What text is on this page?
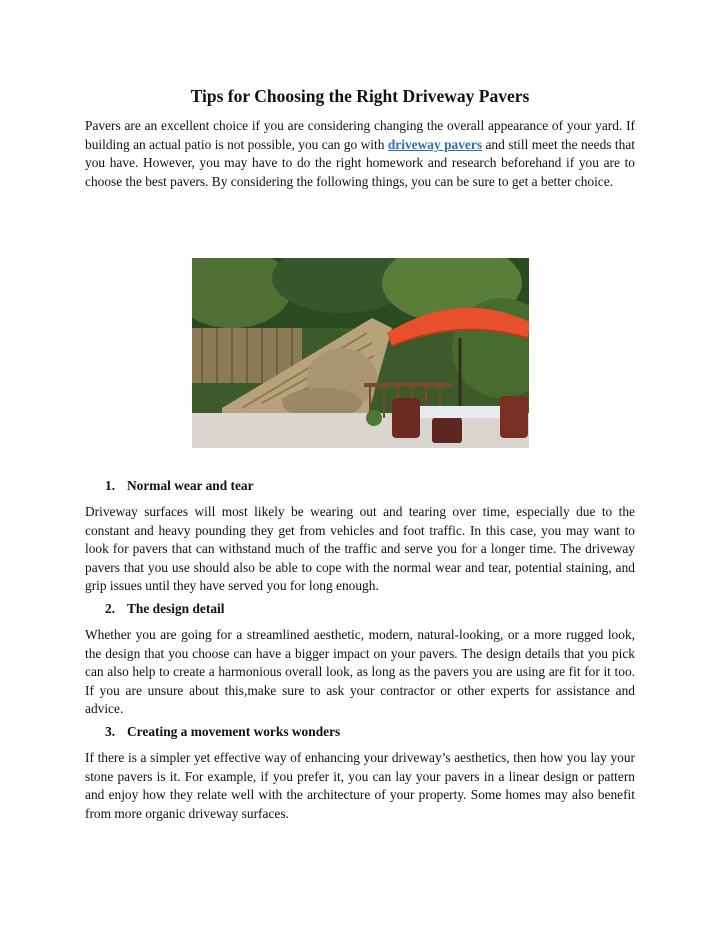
Tips for Choosing the Right Driveway Pavers

Pavers are an excellent choice if you are considering changing the overall appearance of your yard. If building an actual patio is not possible, you can go with driveway pavers and still meet the needs that you have. However, you may have to do the right homework and research beforehand if you are to choose the best pavers. By considering the following things, you can be sure to get a better choice.

1. Normal wear and tear

Driveway surfaces will most likely be wearing out and tearing over time, especially due to the constant and heavy pounding they get from vehicles and foot traffic. In this case, you may want to look for pavers that can withstand much of the traffic and serve you for a longer time. The driveway pavers that you use should also be able to cope with the normal wear and tear, potential staining, and grip issues until they have served you for long enough.

2. The design detail

Whether you are going for a streamlined aesthetic, modern, natural-looking, or a more rugged look, the design that you choose can have a bigger impact on your pavers. The design details that you pick can also help to create a harmonious overall look, as long as the pavers you are using are fit for it too. If you are unsure about this,make sure to ask your contractor or other experts for assistance and advice.

3. Creating a movement works wonders

If there is a simpler yet effective way of enhancing your driveway’s aesthetics, then how you lay your stone pavers is it. For example, if you prefer it, you can lay your pavers in a linear design or pattern and enjoy how they relate well with the architecture of your property. Some homes may also benefit from more organic driveway surfaces.
